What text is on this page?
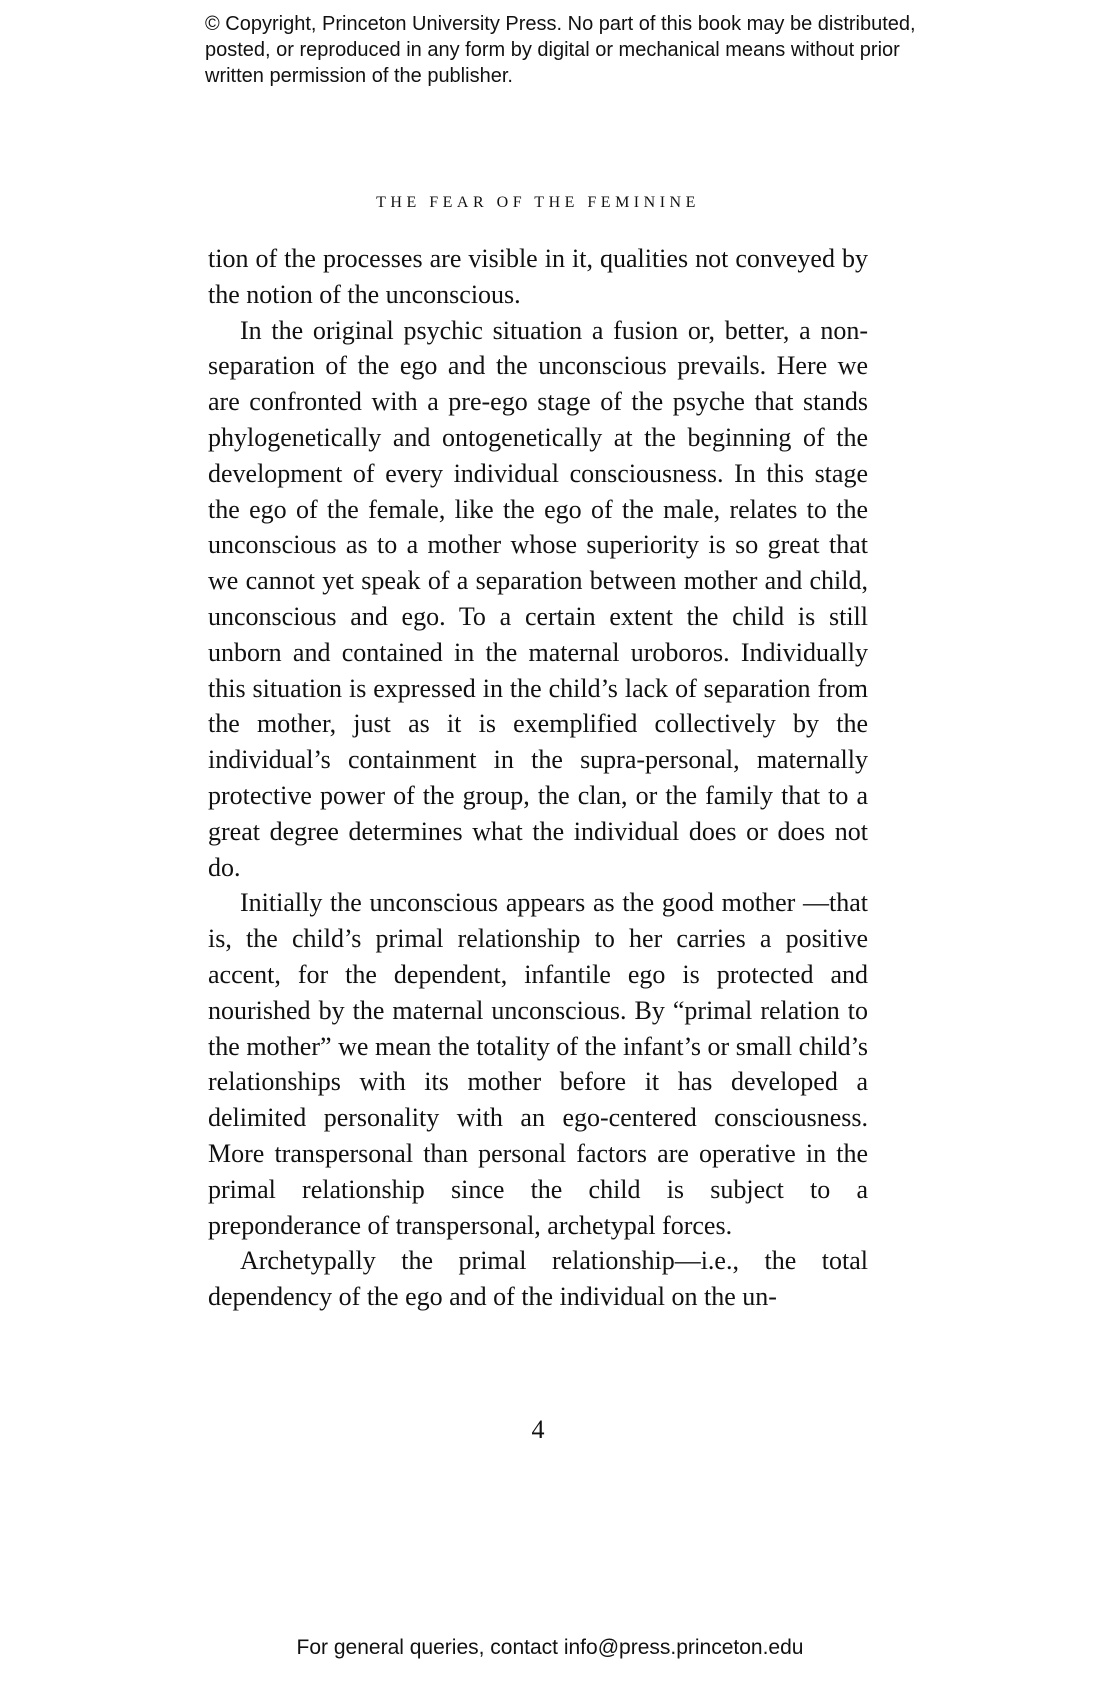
© Copyright, Princeton University Press. No part of this book may be distributed, posted, or reproduced in any form by digital or mechanical means without prior written permission of the publisher.

THE FEAR OF THE FEMININE

tion of the processes are visible in it, qualities not conveyed by the notion of the unconscious.

In the original psychic situation a fusion or, better, a non-separation of the ego and the unconscious prevails. Here we are confronted with a pre-ego stage of the psyche that stands phylogenetically and ontogenetically at the beginning of the development of every individual consciousness. In this stage the ego of the female, like the ego of the male, relates to the unconscious as to a mother whose superiority is so great that we cannot yet speak of a separation between mother and child, unconscious and ego. To a certain extent the child is still unborn and contained in the maternal uroboros. Individually this situation is expressed in the child’s lack of separation from the mother, just as it is exemplified collectively by the individual’s containment in the supra-personal, maternally protective power of the group, the clan, or the family that to a great degree determines what the individual does or does not do.

Initially the unconscious appears as the good mother —that is, the child’s primal relationship to her carries a positive accent, for the dependent, infantile ego is protected and nourished by the maternal unconscious. By “primal relation to the mother” we mean the totality of the infant’s or small child’s relationships with its mother before it has developed a delimited personality with an ego-centered consciousness. More transpersonal than personal factors are operative in the primal relationship since the child is subject to a preponderance of transpersonal, archetypal forces.

Archetypally the primal relationship—i.e., the total dependency of the ego and of the individual on the un-

4

For general queries, contact info@press.princeton.edu
